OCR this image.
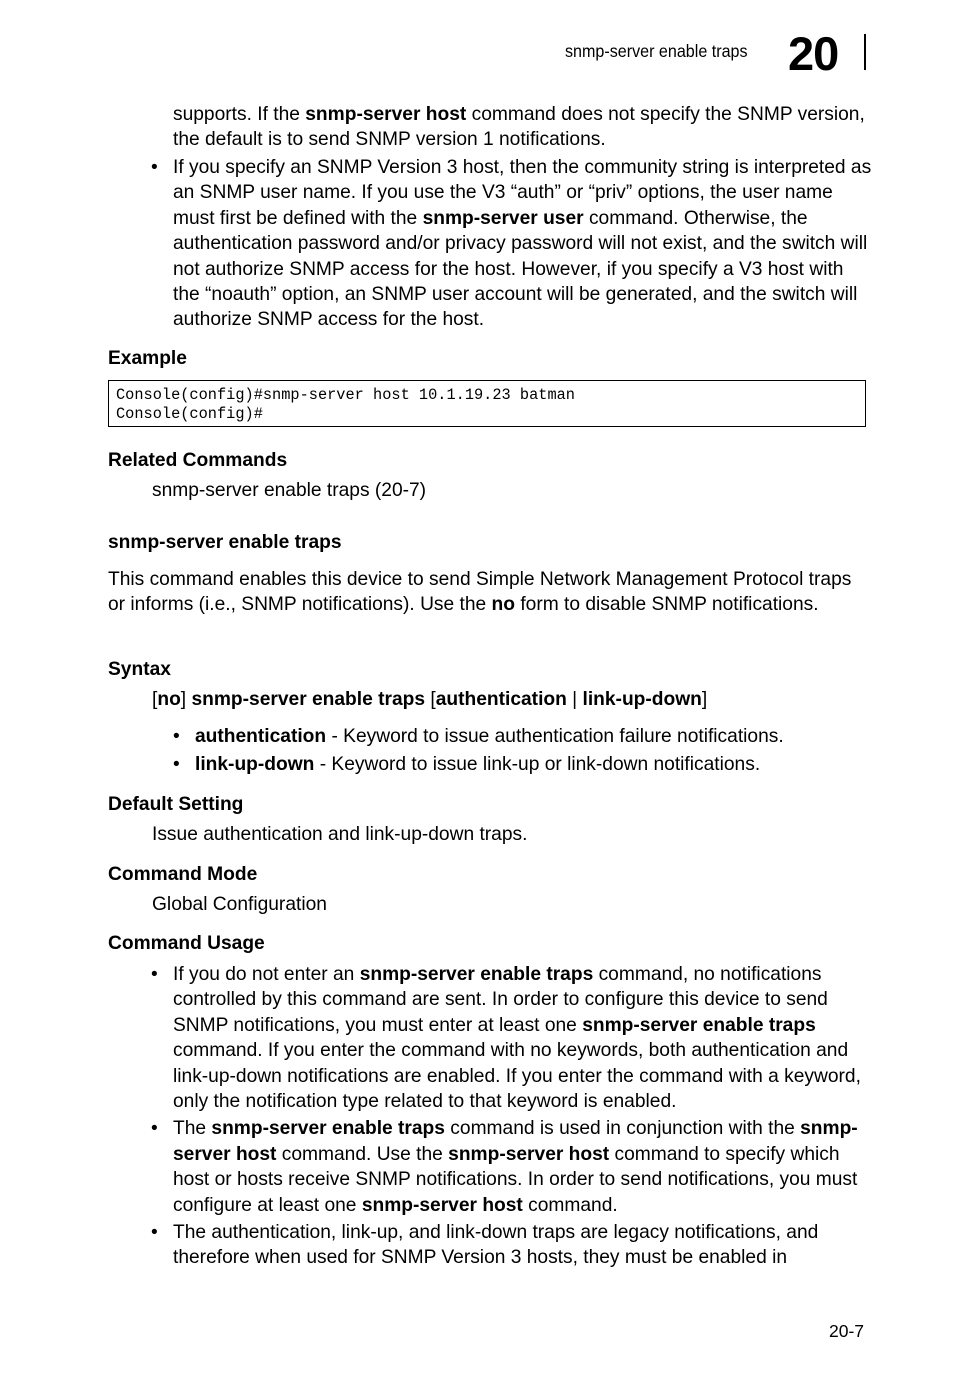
snmp-server enable traps 20

supports. If the snmp-server host command does not specify the SNMP version, the default is to send SNMP version 1 notifications.

• If you specify an SNMP Version 3 host, then the community string is interpreted as an SNMP user name. If you use the V3 “auth” or “priv” options, the user name must first be defined with the snmp-server user command. Otherwise, the authentication password and/or privacy password will not exist, and the switch will not authorize SNMP access for the host. However, if you specify a V3 host with the “noauth” option, an SNMP user account will be generated, and the switch will authorize SNMP access for the host.
Example
Console(config)#snmp-server host 10.1.19.23 batman
Console(config)#
Related Commands

snmp-server enable traps (20-7)

snmp-server enable traps

This command enables this device to send Simple Network Management Protocol traps or informs (i.e., SNMP notifications). Use the no form to disable SNMP notifications.

Syntax

[no] snmp-server enable traps [authentication | link-up-down]

• authentication - Keyword to issue authentication failure notifications.
• link-up-down - Keyword to issue link-up or link-down notifications.
Default Setting

Issue authentication and link-up-down traps.

Command Mode

Global Configuration

Command Usage
• If you do not enter an snmp-server enable traps command, no notifications controlled by this command are sent. In order to configure this device to send SNMP notifications, you must enter at least one snmp-server enable traps command. If you enter the command with no keywords, both authentication and link-up-down notifications are enabled. If you enter the command with a keyword, only the notification type related to that keyword is enabled.
• The snmp-server enable traps command is used in conjunction with the snmp-server host command. Use the snmp-server host command to specify which host or hosts receive SNMP notifications. In order to send notifications, you must configure at least one snmp-server host command.
• The authentication, link-up, and link-down traps are legacy notifications, and therefore when used for SNMP Version 3 hosts, they must be enabled in
20-7
